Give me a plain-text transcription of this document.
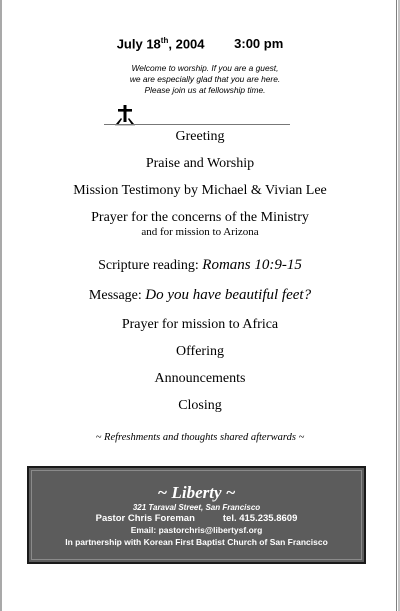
July 18th, 2004 3:00 pm
Welcome to worship. If you are a guest,
we are especially glad that you are here.
Please join us at fellowship time.
Greeting
Praise and Worship
Mission Testimony by Michael & Vivian Lee
Prayer for the concerns of the Ministry
and for mission to Arizona
Scripture reading: Romans 10:9-15
Message: Do you have beautiful feet?
Prayer for mission to Africa
Offering
Announcements
Closing
~ Refreshments and thoughts shared afterwards ~
~ Liberty ~
321 Taraval Street, San Francisco
Pastor Chris Foreman	tel. 415.235.8609
Email: pastorchris@libertysf.org
In partnership with Korean First Baptist Church of San Francisco
